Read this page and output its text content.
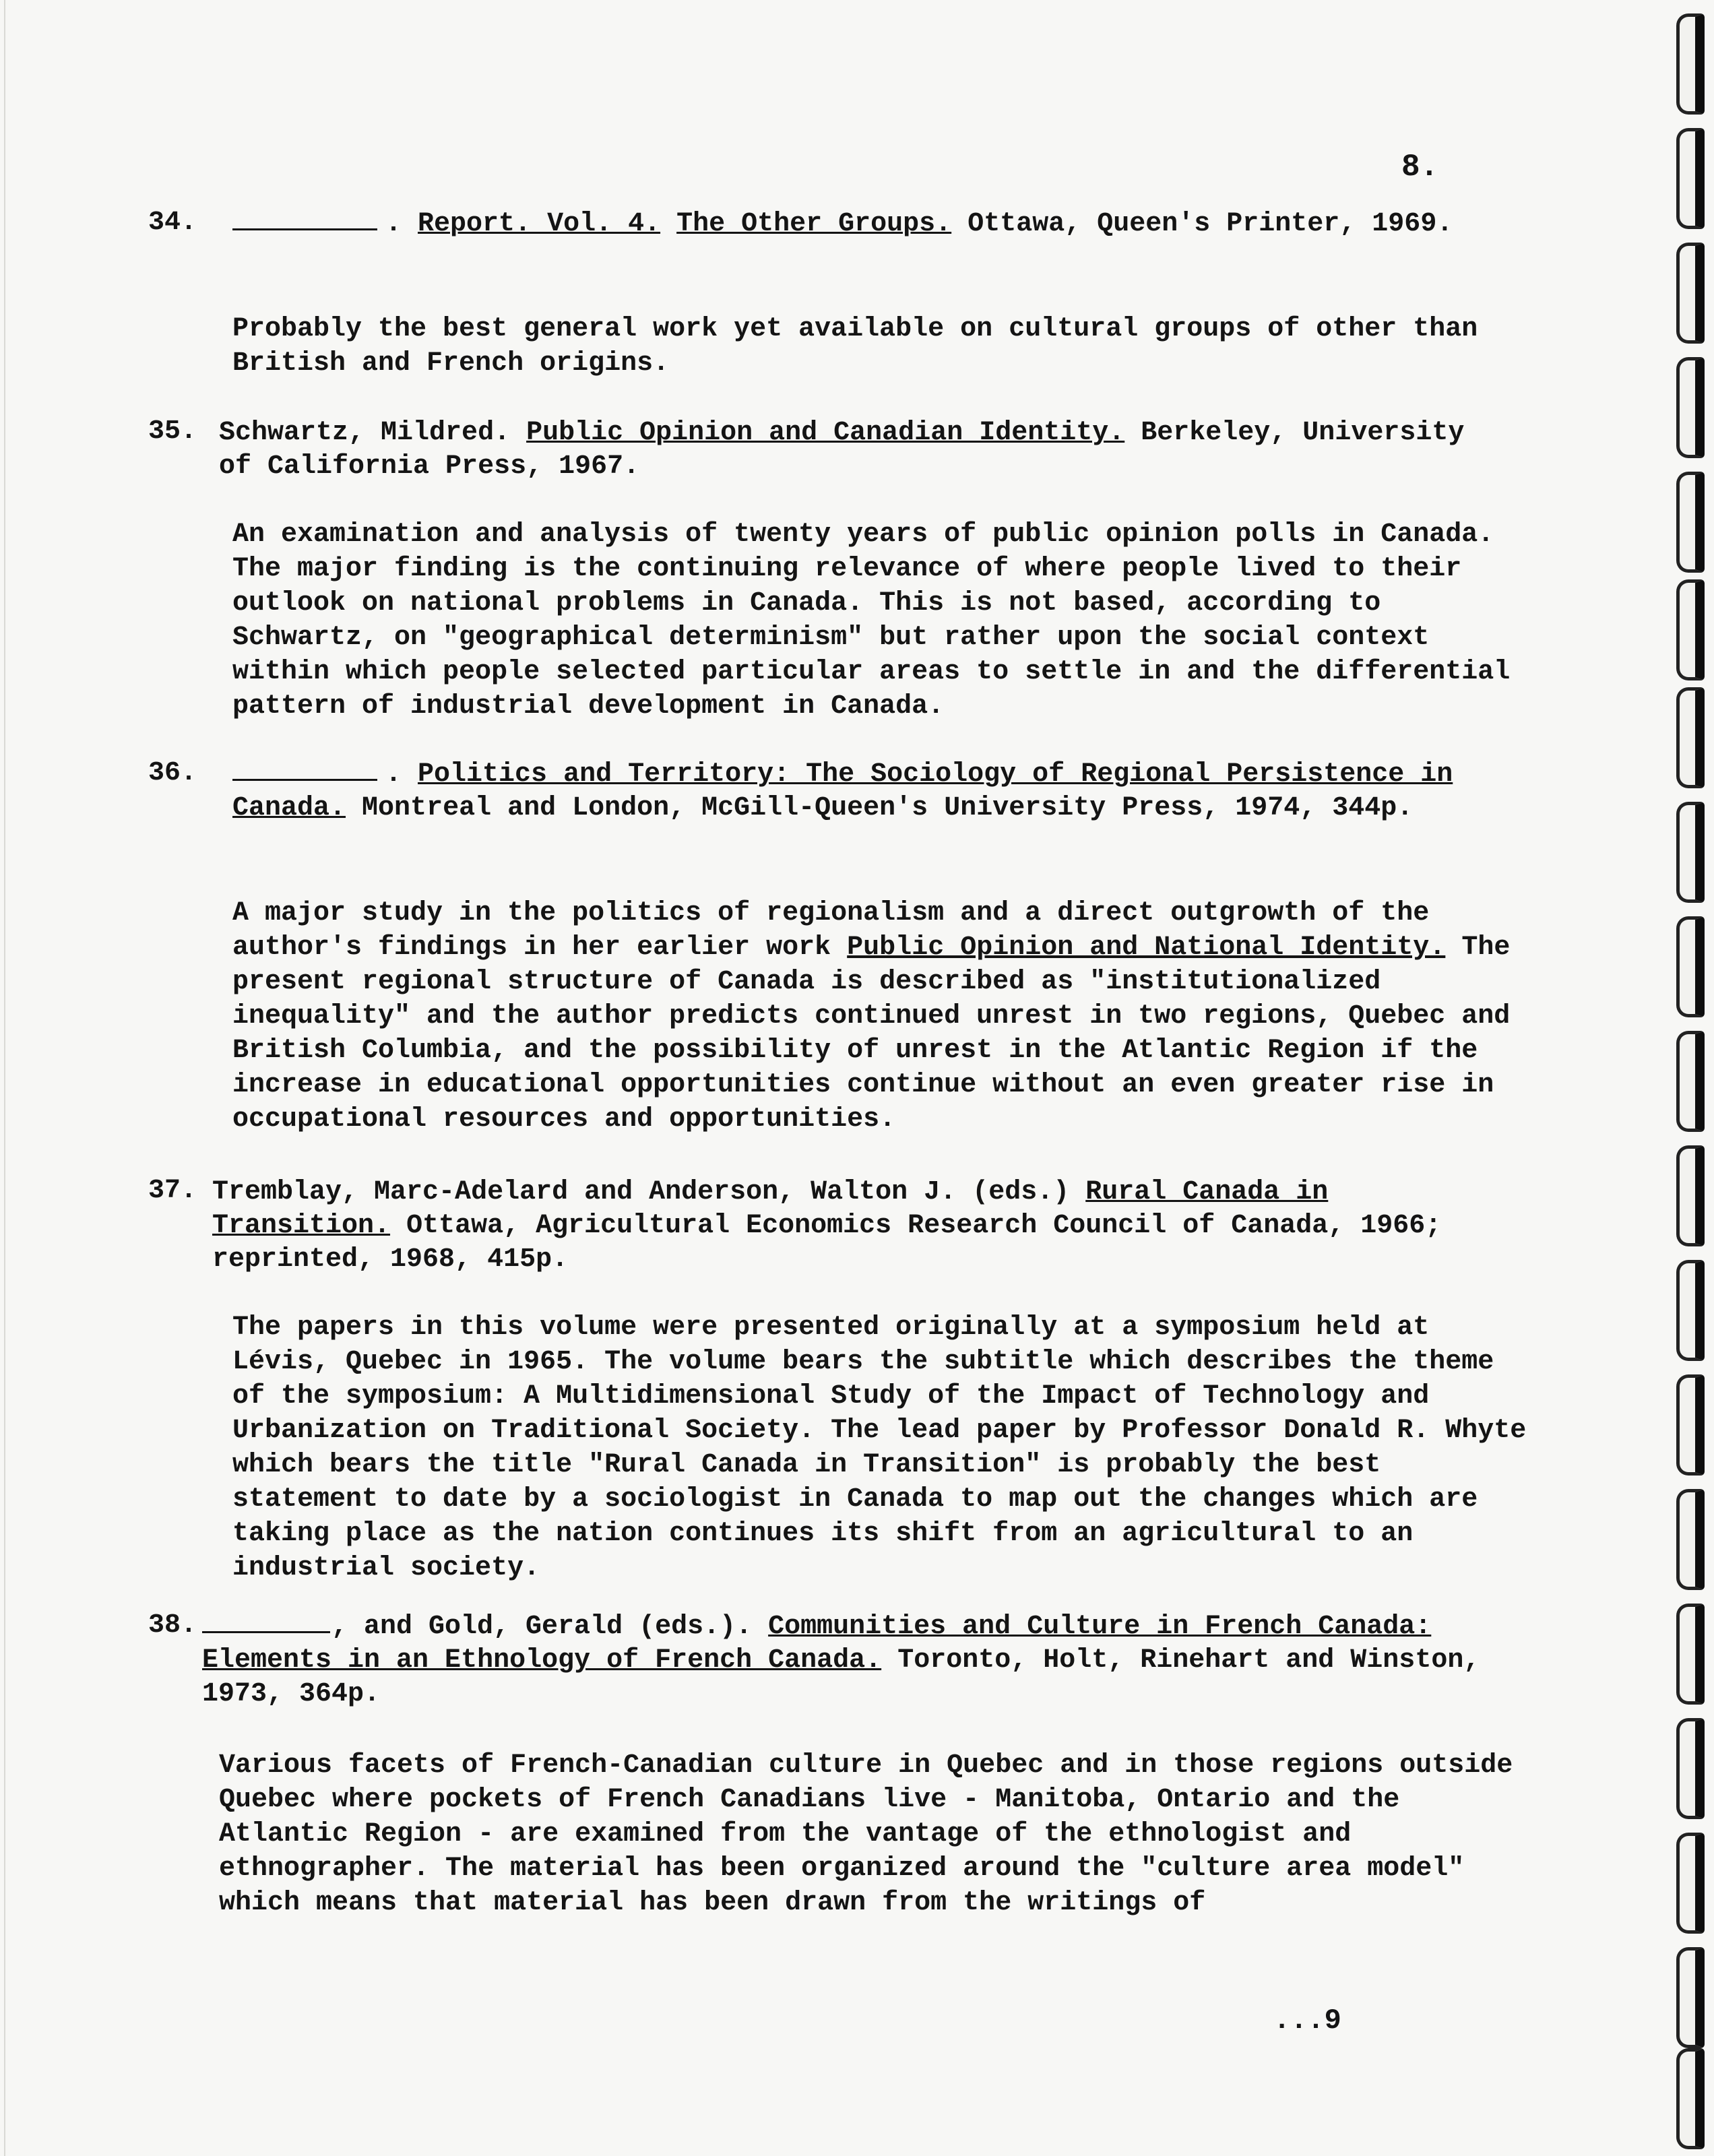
8.
34.	. Report. Vol. 4. The Other Groups. Ottawa, Queen's Printer, 1969.
Probably the best general work yet available on cultural groups of other than British and French origins.
35. Schwartz, Mildred. Public Opinion and Canadian Identity. Berkeley, University of California Press, 1967.
An examination and analysis of twenty years of public opinion polls in Canada. The major finding is the continuing relevance of where people lived to their outlook on national problems in Canada. This is not based, according to Schwartz, on "geographical determinism" but rather upon the social context within which people selected particular areas to settle in and the differential pattern of industrial development in Canada.
36.	. Politics and Territory: The Sociology of Regional Persistence in Canada. Montreal and London, McGill-Queen's University Press, 1974, 344p.
A major study in the politics of regionalism and a direct outgrowth of the author's findings in her earlier work Public Opinion and National Identity. The present regional structure of Canada is described as "institutionalized inequality" and the author predicts continued unrest in two regions, Quebec and British Columbia, and the possibility of unrest in the Atlantic Region if the increase in educational opportunities continue without an even greater rise in occupational resources and opportunities.
37. Tremblay, Marc-Adelard and Anderson, Walton J. (eds.) Rural Canada in Transition. Ottawa, Agricultural Economics Research Council of Canada, 1966; reprinted, 1968, 415p.
The papers in this volume were presented originally at a symposium held at Lévis, Quebec in 1965. The volume bears the subtitle which describes the theme of the symposium: A Multidimensional Study of the Impact of Technology and Urbanization on Traditional Society. The lead paper by Professor Donald R. Whyte which bears the title "Rural Canada in Transition" is probably the best statement to date by a sociologist in Canada to map out the changes which are taking place as the nation continues its shift from an agricultural to an industrial society.
38.	, and Gold, Gerald (eds.). Communities and Culture in French Canada: Elements in an Ethnology of French Canada. Toronto, Holt, Rinehart and Winston, 1973, 364p.
Various facets of French-Canadian culture in Quebec and in those regions outside Quebec where pockets of French Canadians live - Manitoba, Ontario and the Atlantic Region - are examined from the vantage of the ethnologist and ethnographer. The material has been organized around the "culture area model" which means that material has been drawn from the writings of
...9
